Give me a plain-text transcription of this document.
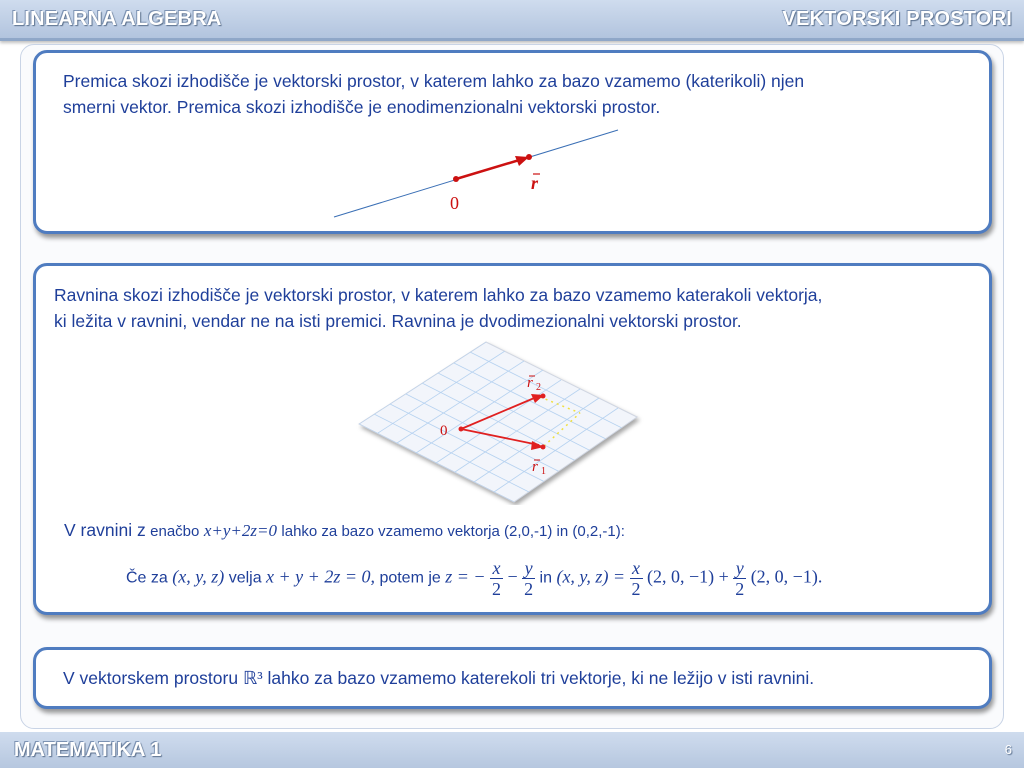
LINEARNA ALGEBRA	VEKTORSKI PROSTORI
Premica skozi izhodišče je vektorski prostor, v katerem lahko za bazo vzamemo (katerikoli) njen
smerni vektor. Premica skozi izhodišče je enodimenzionalni vektorski prostor.
0
r
Ravnina skozi izhodišče je vektorski prostor, v katerem lahko za bazo vzamemo katerakoli vektorja,
ki ležita v ravnini, vendar ne na isti premici. Ravnina je dvodimezionalni vektorski prostor.
0
r 2
r 1
V ravnini z enačbo x+y+2z=0 lahko za bazo vzamemo vektorja (2,0,-1) in (0,2,-1):
Če za (x, y, z) velja x + y + 2z = 0, potem je z = − $\frac{x}{2} - \frac{y}{2}$ in (x, y, $z) = \frac{x}{2} (2$, 0, $-1) + \frac{y}{2} (2$, 0, −1).
V vektorskem prostoru ℝ³ lahko za bazo vzamemo katerekoli tri vektorje, ki ne ležijo v isti ravnini.
MATEMATIKA 1	6
